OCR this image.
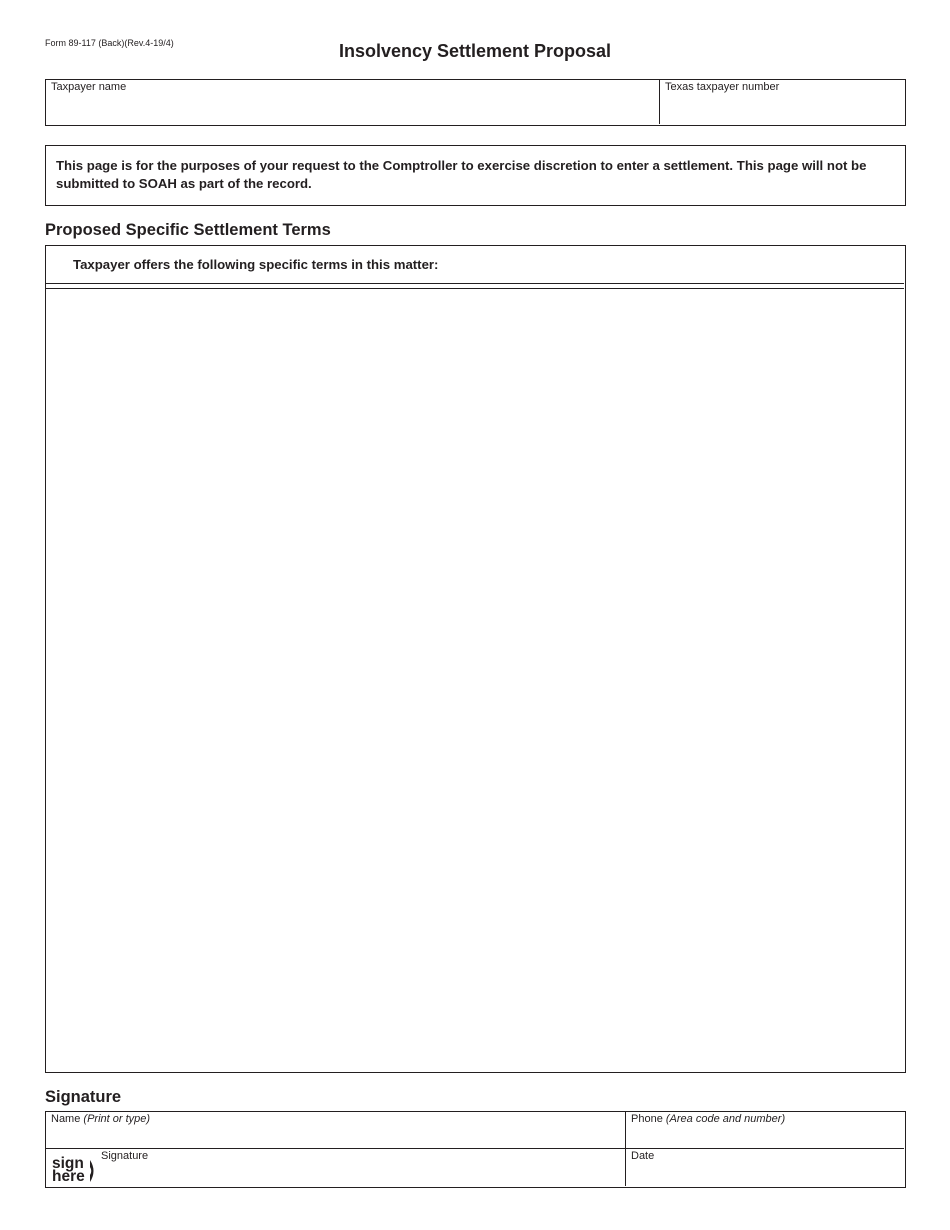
Form 89-117 (Back)(Rev.4-19/4)	Insolvency Settlement Proposal
Taxpayer name	Texas taxpayer number
This page is for the purposes of your request to the Comptroller to exercise discretion to enter a settlement. This page will not be submitted to SOAH as part of the record.
Proposed Specific Settlement Terms
Taxpayer offers the following specific terms in this matter:
Signature
Name (Print or type)	Phone (Area code and number)
sign
here
Signature	Date
